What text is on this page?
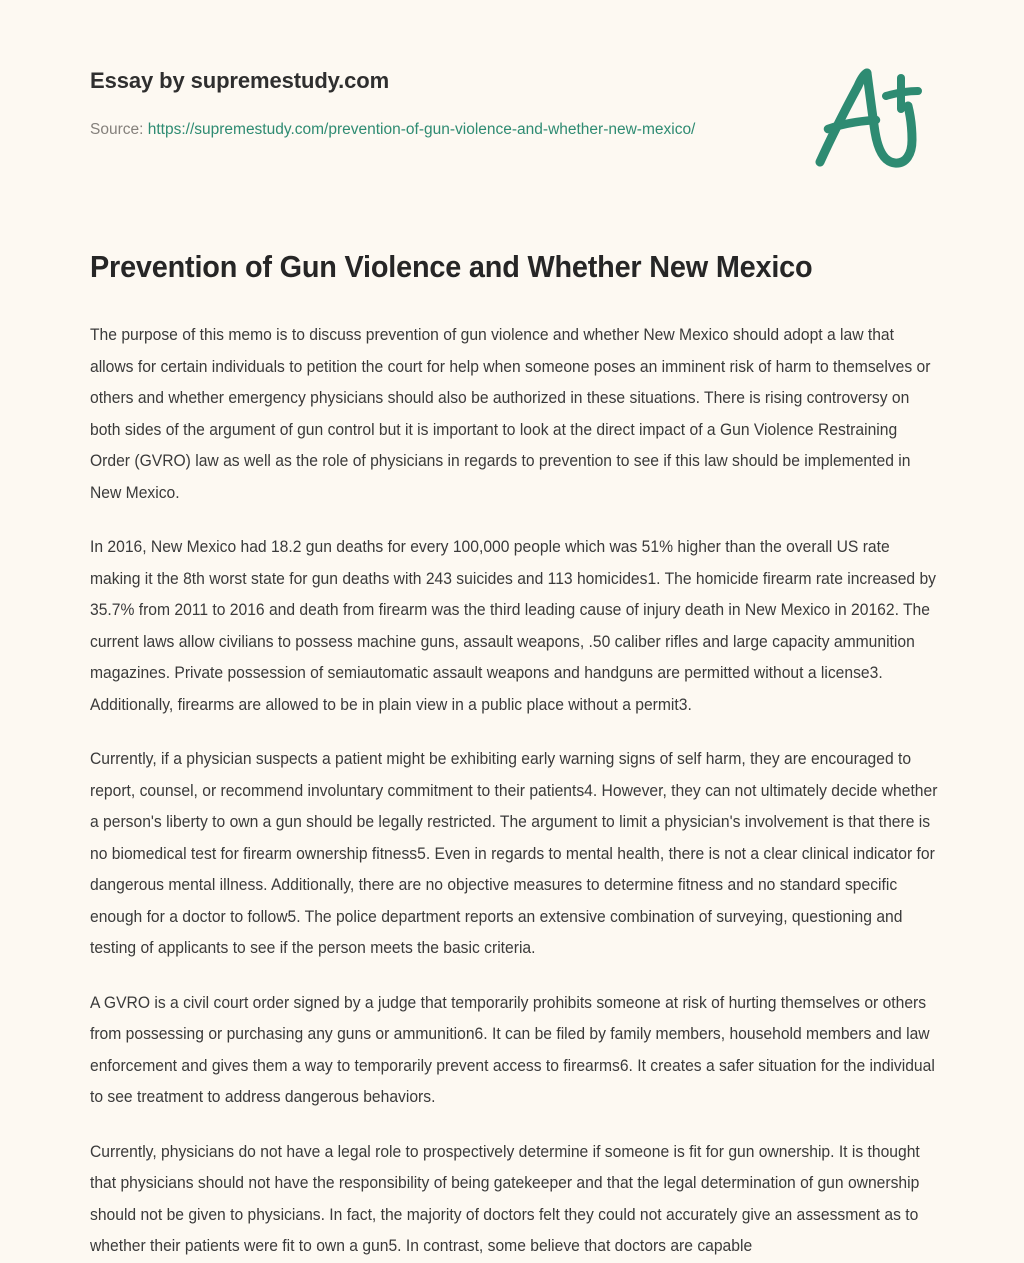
Essay by supremestudy.com
Source: https://supremestudy.com/prevention-of-gun-violence-and-whether-new-mexico/
Prevention of Gun Violence and Whether New Mexico

The purpose of this memo is to discuss prevention of gun violence and whether New Mexico should adopt a law that allows for certain individuals to petition the court for help when someone poses an imminent risk of harm to themselves or others and whether emergency physicians should also be authorized in these situations. There is rising controversy on both sides of the argument of gun control but it is important to look at the direct impact of a Gun Violence Restraining Order (GVRO) law as well as the role of physicians in regards to prevention to see if this law should be implemented in New Mexico.

In 2016, New Mexico had 18.2 gun deaths for every 100,000 people which was 51% higher than the overall US rate making it the 8th worst state for gun deaths with 243 suicides and 113 homicides1. The homicide firearm rate increased by 35.7% from 2011 to 2016 and death from firearm was the third leading cause of injury death in New Mexico in 20162. The current laws allow civilians to possess machine guns, assault weapons, .50 caliber rifles and large capacity ammunition magazines. Private possession of semiautomatic assault weapons and handguns are permitted without a license3. Additionally, firearms are allowed to be in plain view in a public place without a permit3.

Currently, if a physician suspects a patient might be exhibiting early warning signs of self harm, they are encouraged to report, counsel, or recommend involuntary commitment to their patients4. However, they can not ultimately decide whether a person's liberty to own a gun should be legally restricted. The argument to limit a physician's involvement is that there is no biomedical test for firearm ownership fitness5. Even in regards to mental health, there is not a clear clinical indicator for dangerous mental illness. Additionally, there are no objective measures to determine fitness and no standard specific enough for a doctor to follow5. The police department reports an extensive combination of surveying, questioning and testing of applicants to see if the person meets the basic criteria.

A GVRO is a civil court order signed by a judge that temporarily prohibits someone at risk of hurting themselves or others from possessing or purchasing any guns or ammunition6. It can be filed by family members, household members and law enforcement and gives them a way to temporarily prevent access to firearms6. It creates a safer situation for the individual to see treatment to address dangerous behaviors.

Currently, physicians do not have a legal role to prospectively determine if someone is fit for gun ownership. It is thought that physicians should not have the responsibility of being gatekeeper and that the legal determination of gun ownership should not be given to physicians. In fact, the majority of doctors felt they could not accurately give an assessment as to whether their patients were fit to own a gun5. In contrast, some believe that doctors are capable
